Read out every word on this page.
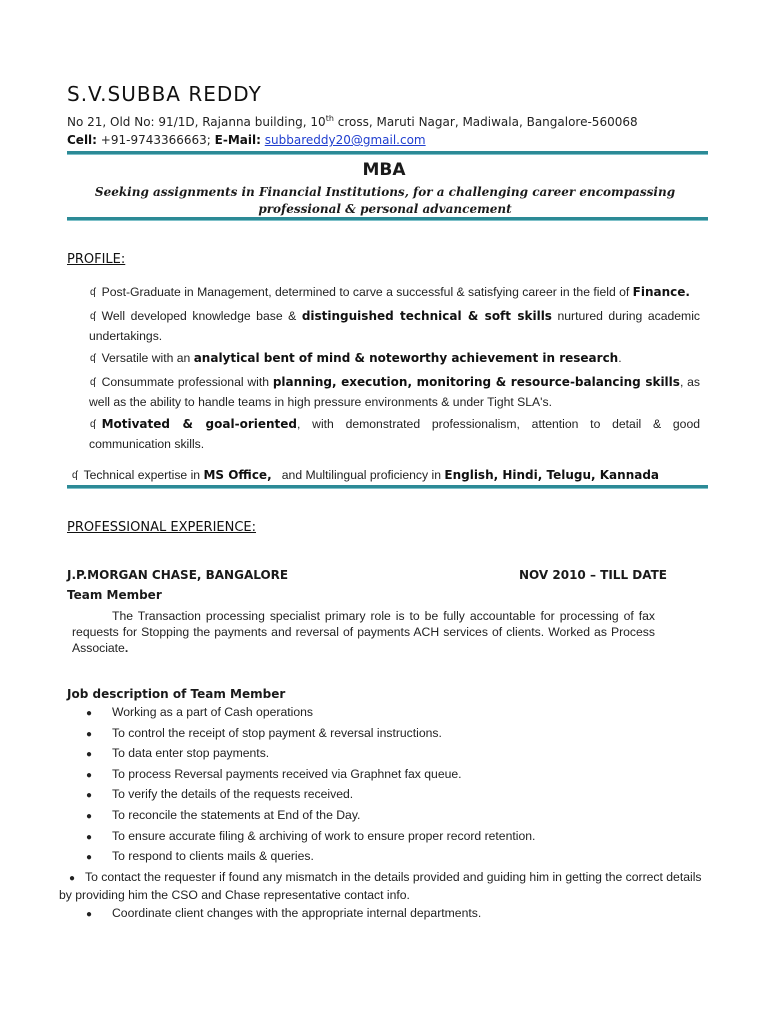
S.V.SUBBA REDDY
No 21, Old No: 91/1D, Rajanna building, 10th cross, Maruti Nagar, Madiwala, Bangalore-560068
Cell: +91-9743366663; E-Mail: subbareddy20@gmail.com
MBA
Seeking assignments in Financial Institutions, for a challenging career encompassing professional & personal advancement
PROFILE:

ʠ Post-Graduate in Management, determined to carve a successful & satisfying career in the field of Finance.

ʠ Well developed knowledge base & distinguished technical & soft skills nurtured during academic undertakings.

ʠ Versatile with an analytical bent of mind & noteworthy achievement in research.

ʠ Consummate professional with planning, execution, monitoring & resource-balancing skills, as well as the ability to handle teams in high pressure environments & under Tight SLA's.

ʠ Motivated & goal-oriented, with demonstrated professionalism, attention to detail & good communication skills.

ʠ Technical expertise in MS Office,   and Multilingual proficiency in English, Hindi, Telugu, Kannada
PROFESSIONAL EXPERIENCE:
J.P.MORGAN CHASE, BANGALORE	NOV 2010 – TILL DATE
Team Member

The Transaction processing specialist primary role is to be fully accountable for processing of fax requests for Stopping the payments and reversal of payments ACH services of clients. Worked as Process Associate.

Job description of Team Member
● Working as a part of Cash operations
● To control the receipt of stop payment & reversal instructions.
● To data enter stop payments.
● To process Reversal payments received via Graphnet fax queue.
● To verify the details of the requests received.
● To reconcile the statements at End of the Day.
● To ensure accurate filing & archiving of work to ensure proper record retention.
● To respond to clients mails & queries.
● To contact the requester if found any mismatch in the details provided and guiding him in getting the correct details by providing him the CSO and Chase representative contact info.
● Coordinate client changes with the appropriate internal departments.
